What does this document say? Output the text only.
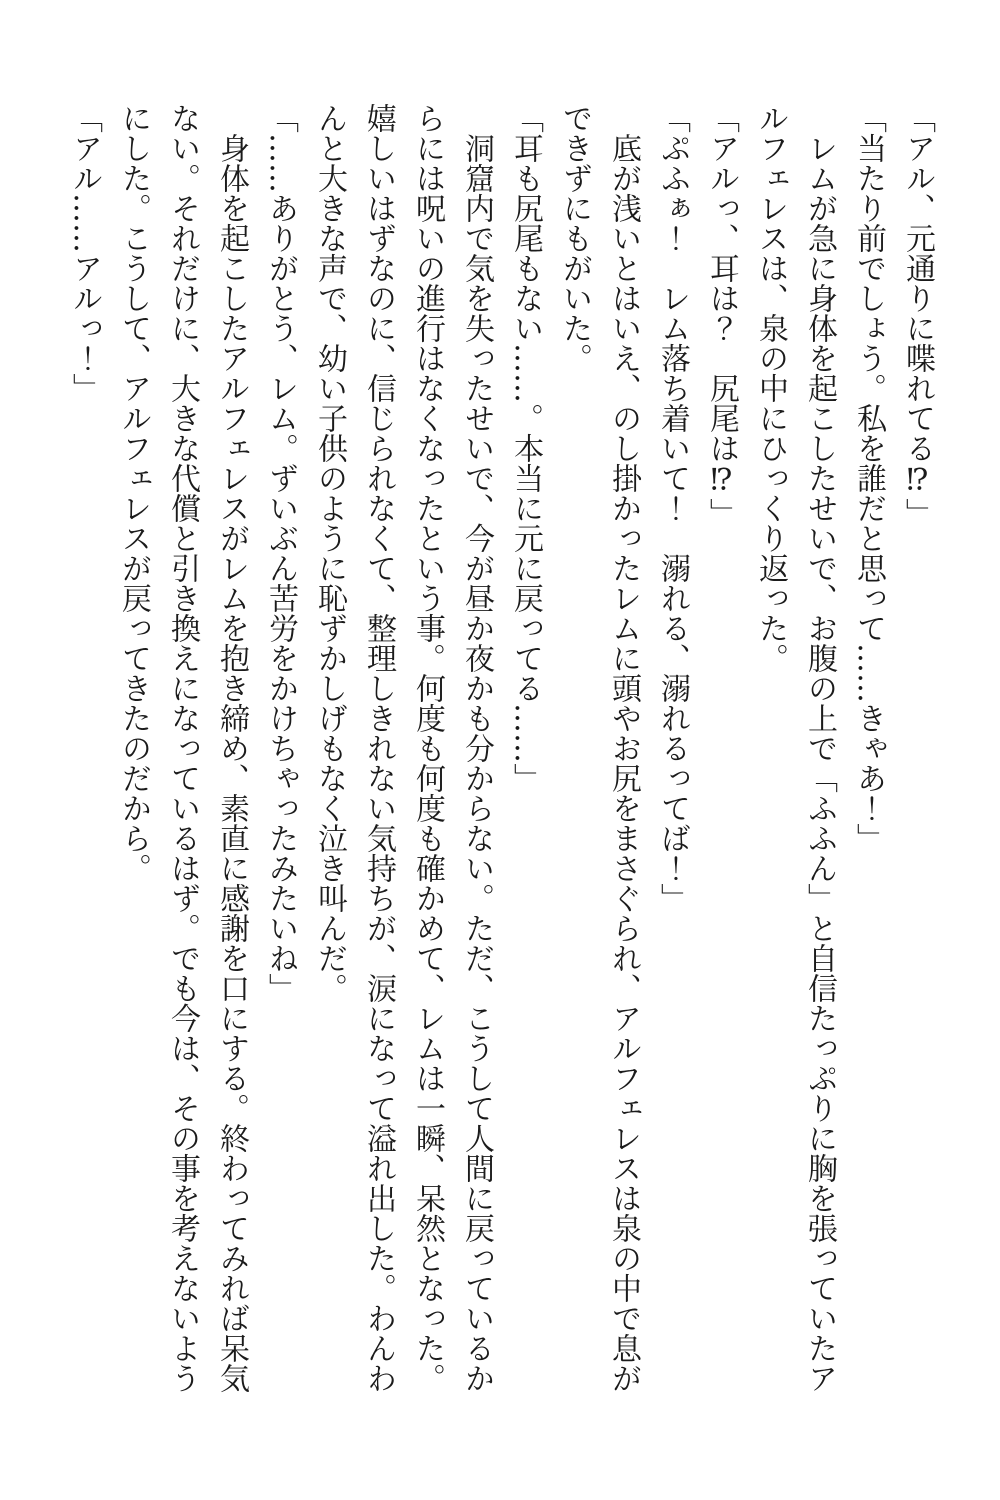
「アル、元通りに喋れてる⁉」

「当たり前でしょう。私を誰だと思って……きゃあ！」

レムが急に身体を起こしたせいで、お腹の上で「ふふん」と自信たっぷりに胸を張っていたアルフェレスは、泉の中にひっくり返った。

「アルっ、耳は？　尻尾は⁉」

「ぷふぁ！　レム落ち着いて！　溺れる、溺れるってば！」

底が浅いとはいえ、のし掛かったレムに頭やお尻をまさぐられ、アルフェレスは泉の中で息ができずにもがいた。

「耳も尻尾もない……。本当に元に戻ってる……」

洞窟内で気を失ったせいで、今が昼か夜かも分からない。ただ、こうして人間に戻っているからには呪いの進行はなくなったという事。何度も何度も確かめて、レムは一瞬、呆然となった。嬉しいはずなのに、信じられなくて、整理しきれない気持ちが、涙になって溢れ出した。わんわんと大きな声で、幼い子供のように恥ずかしげもなく泣き叫んだ。

「……ありがとう、レム。ずいぶん苦労をかけちゃったみたいね」

身体を起こしたアルフェレスがレムを抱き締め、素直に感謝を口にする。終わってみれば呆気ない。それだけに、大きな代償と引き換えになっているはず。でも今は、その事を考えないようにした。こうして、アルフェレスが戻ってきたのだから。

「アル……アルっ！」
